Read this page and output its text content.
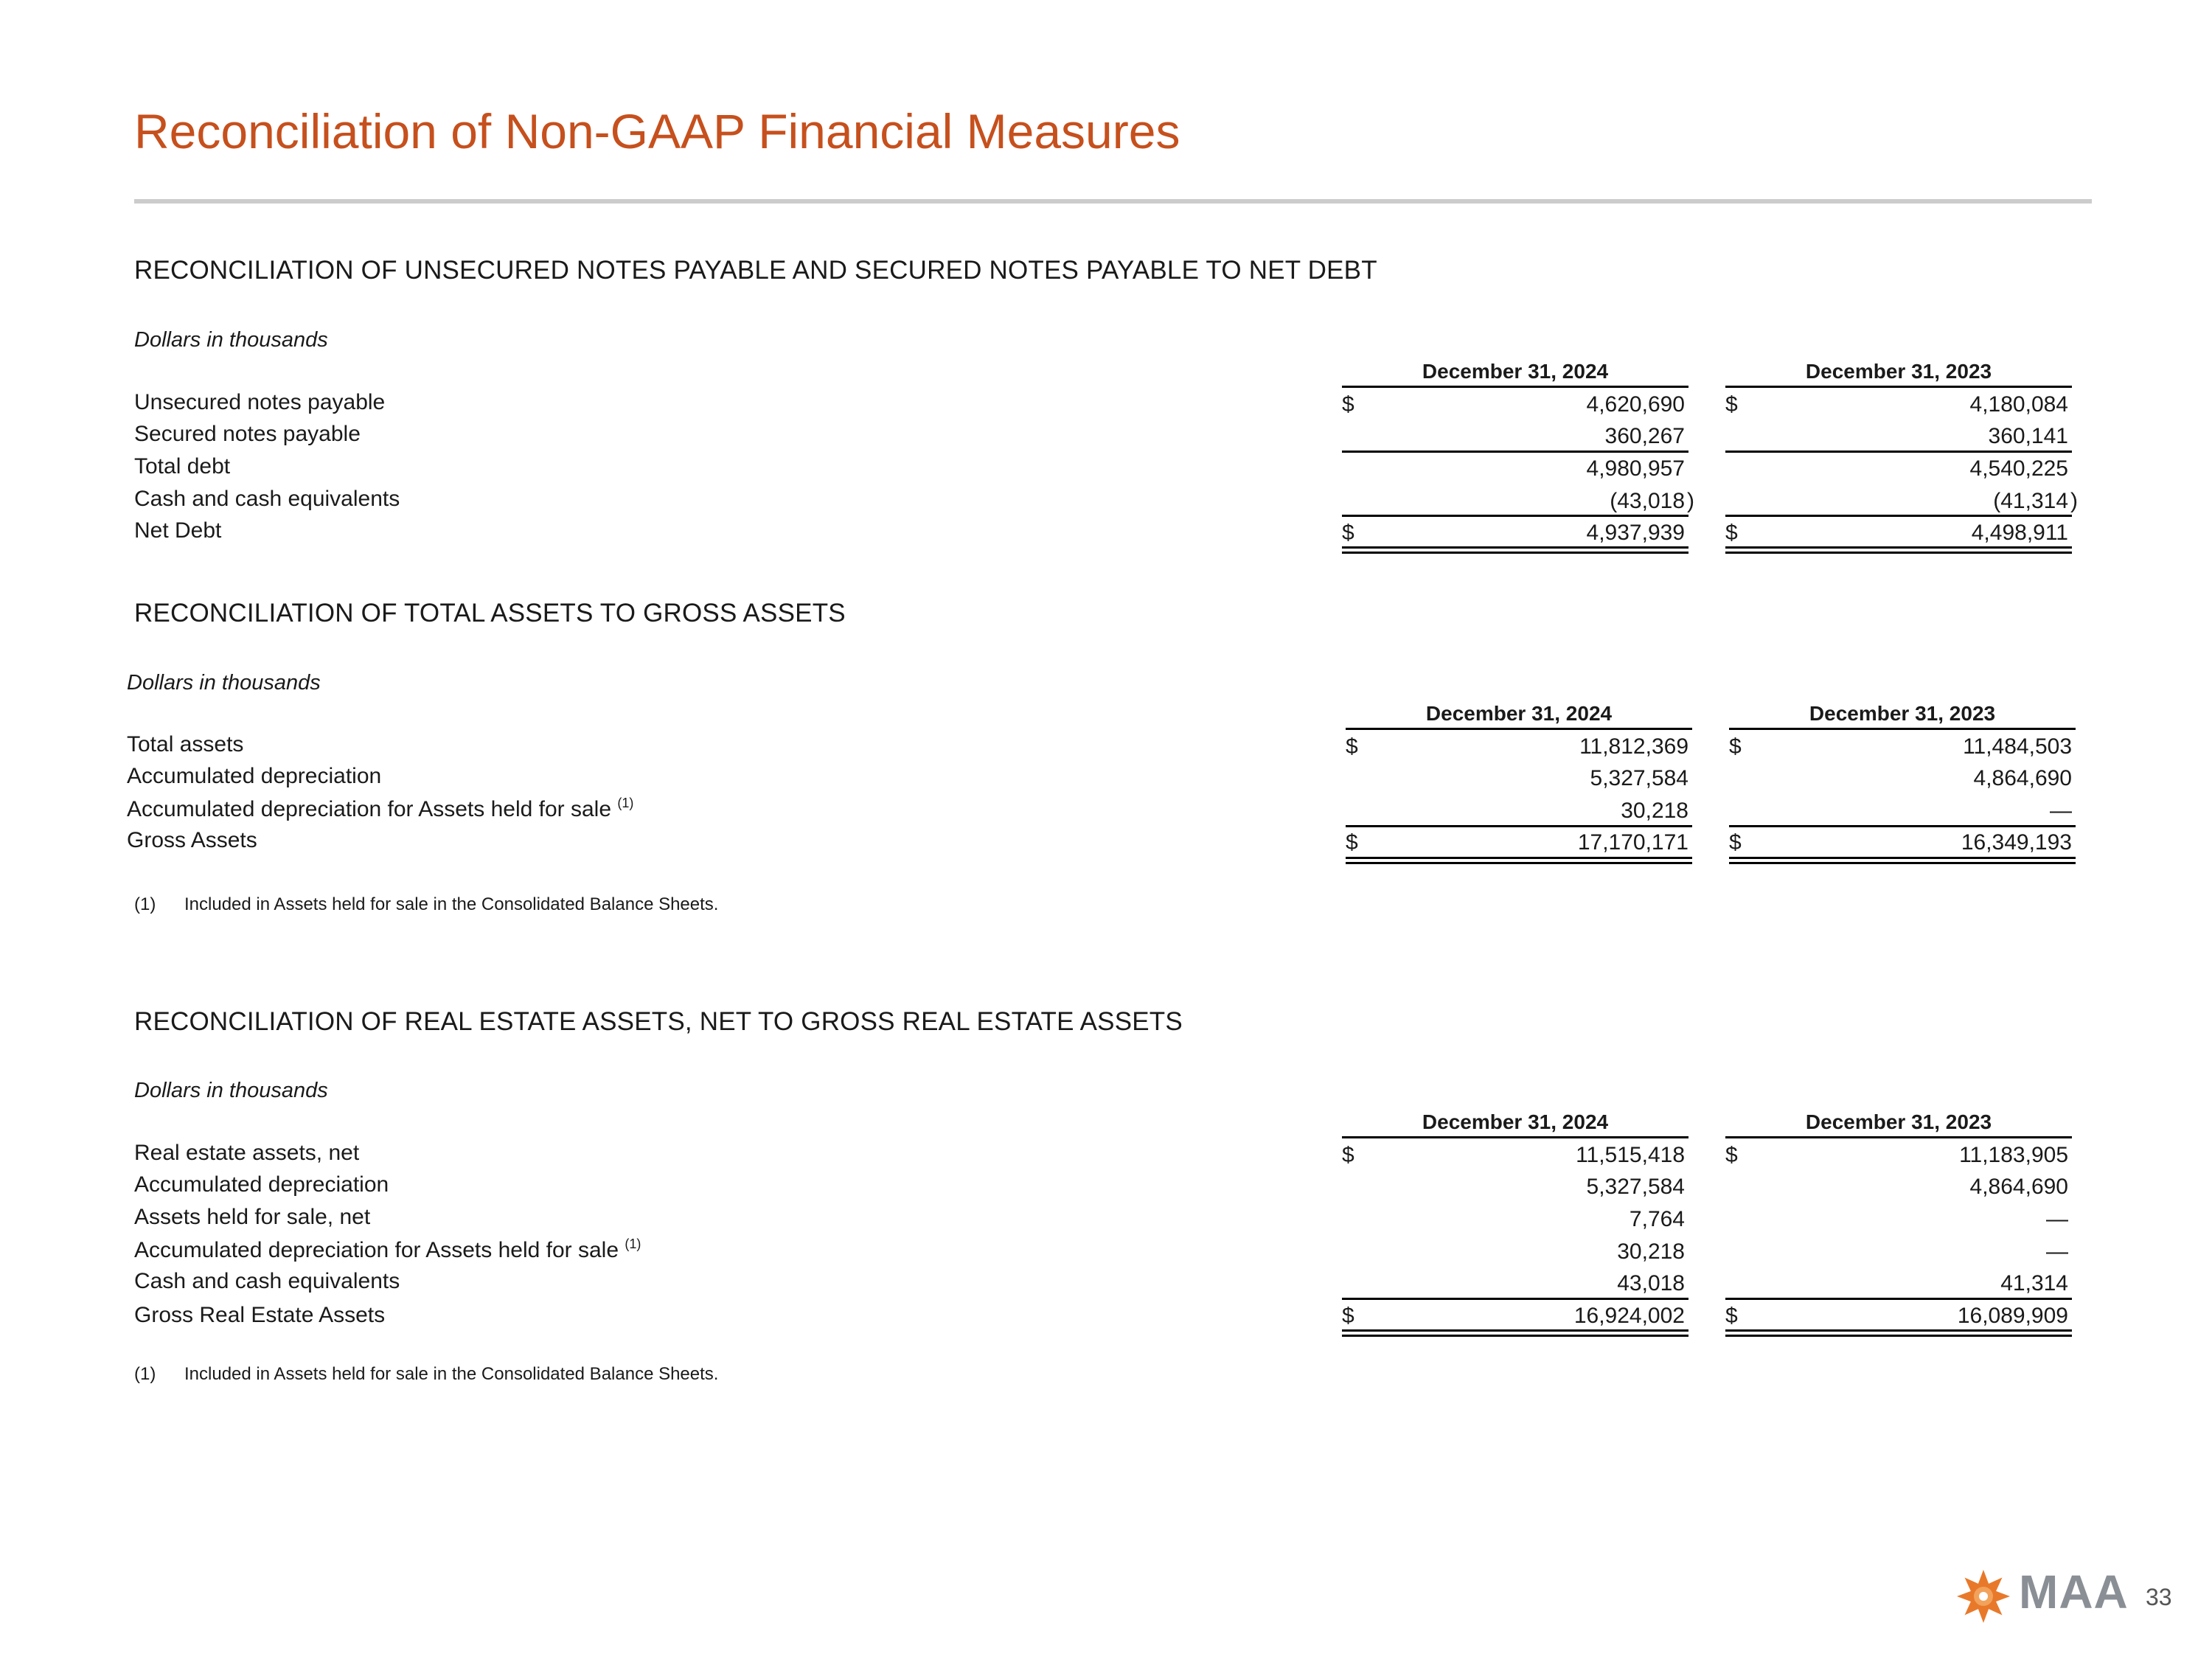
Reconciliation of Non-GAAP Financial Measures
RECONCILIATION OF UNSECURED NOTES PAYABLE AND SECURED NOTES PAYABLE TO NET DEBT
Dollars in thousands
December 31, 2024	December 31, 2023
Unsecured notes payable	$	4,620,690 $	4,180,084
Secured notes payable	360,267	360,141
Total debt	4,980,957	4,540,225
Cash and cash equivalents	(43,018 )	(41,314 )
Net Debt	$	4,937,939 $	4,498,911
RECONCILIATION OF TOTAL ASSETS TO GROSS ASSETS
Dollars in thousands
December 31, 2024	December 31, 2023
Total assets	$	11,812,369 $	11,484,503
Accumulated depreciation	5,327,584	4,864,690
Accumulated depreciation for Assets held for sale $^{(1)}$	30,218	—
Gross Assets	$	17,170,171 $	16,349,193
(1) Included in Assets held for sale in the Consolidated Balance Sheets.
RECONCILIATION OF REAL ESTATE ASSETS, NET TO GROSS REAL ESTATE ASSETS
Dollars in thousands
December 31, 2024	December 31, 2023
Real estate assets, net	$	11,515,418 $	11,183,905
Accumulated depreciation	5,327,584	4,864,690
Assets held for sale, net	7,764	—
Accumulated depreciation for Assets held for sale $^{(1)}$	30,218	—
Cash and cash equivalents	43,018	41,314
Gross Real Estate Assets	$	16,924,002 $	16,089,909
(1) Included in Assets held for sale in the Consolidated Balance Sheets.
MAA 33
